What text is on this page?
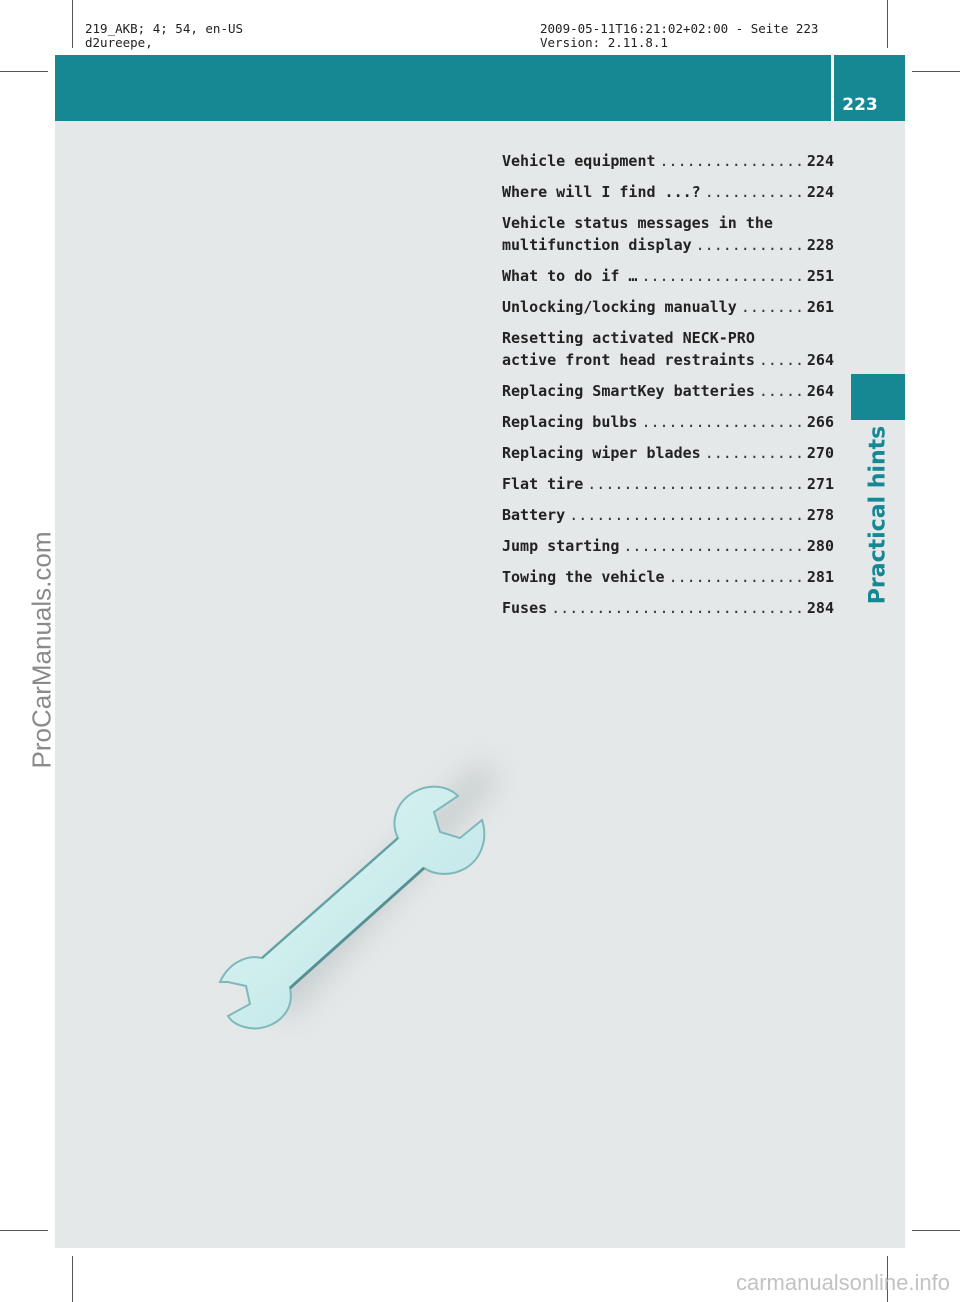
219_AKB; 4; 54, en-US
d2ureepe,
2009-05-11T16:21:02+02:00 - Seite 223
Version: 2.11.8.1
223
Practical hints
Vehicle equipment .....	224
Where will I find ...? .....	224
Vehicle status messages in the
multifunction display .....	228
What to do if … .....	251
Unlocking/locking manually .....	261
Resetting activated NECK-PRO
active front head restraints .....	264
Replacing SmartKey batteries .....	264
Replacing bulbs .....	266
Replacing wiper blades .....	270
Flat tire .....	271
Battery .....	278
Jump starting .....	280
Towing the vehicle .....	281
Fuses .....	284
ProCarManuals.com
carmanualsonline.info
